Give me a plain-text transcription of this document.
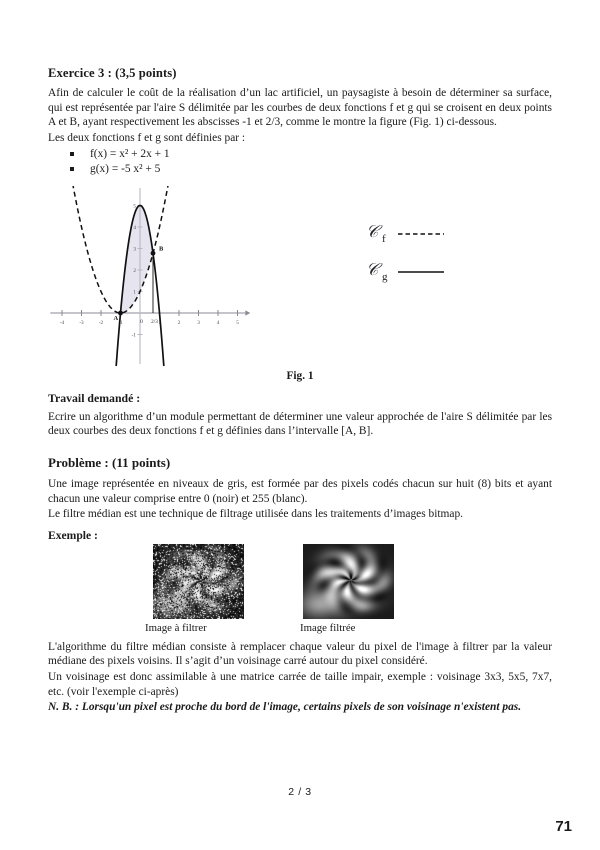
Exercice 3 : (3,5 points)

Afin de calculer le coût de la réalisation d’un lac artificiel, un paysagiste à besoin de déterminer sa surface, qui est représentée par l'aire S délimitée par les courbes de deux fonctions f et g qui se croisent en deux points A et B, ayant respectivement les abscisses -1 et 2/3, comme le montre la figure (Fig. 1) ci-dessous.

Les deux fonctions f et g sont définies par :

f(x) = x² + 2x + 1
g(x) = -5 x² + 5
-4	-3	-2	-1	1	2	3	4	5
-1
1
2
3
4
5
0 2/3
A
B
𝒞 f
𝒞 g
Fig. 1
Travail demandé :

Ecrire un algorithme d’un module permettant de déterminer une valeur approchée de l'aire S délimitée par les deux courbes des deux fonctions f et g définies dans l’intervalle [A, B].

Problème : (11 points)

Une image représentée en niveaux de gris, est formée par des pixels codés chacun sur huit (8) bits et ayant chacun une valeur comprise entre 0 (noir) et 255 (blanc).

Le filtre médian est une technique de filtrage utilisée dans les traitements d’images bitmap.

Exemple :
Image à filtrer	Image filtrée

L'algorithme du filtre médian consiste à remplacer chaque valeur du pixel de l'image à filtrer par la valeur médiane des pixels voisins. Il s’agit d’un voisinage carré autour du pixel considéré.

Un voisinage est donc assimilable à une matrice carrée de taille impair, exemple : voisinage 3x3, 5x5, 7x7, etc. (voir l'exemple ci-après)

N. B. : Lorsqu'un pixel est proche du bord de l'image, certains pixels de son voisinage n'existent pas.

2 / 3
71
